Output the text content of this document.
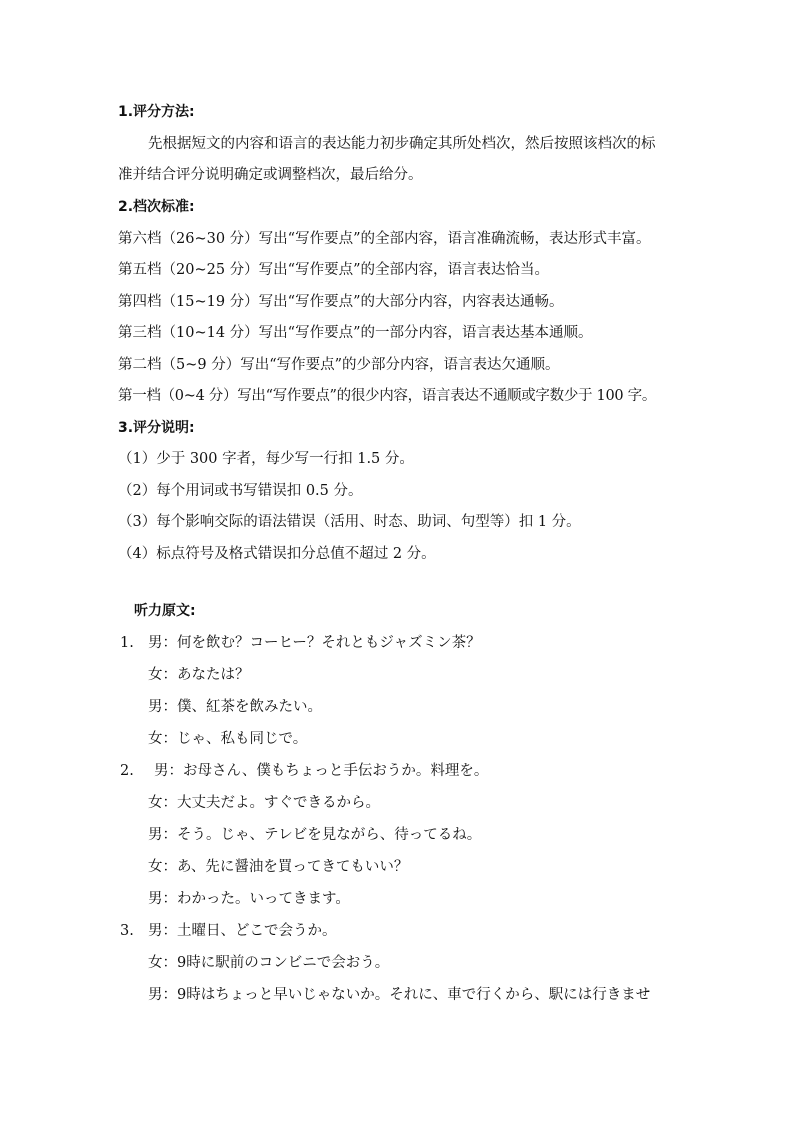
1.评分方法:
先根据短文的内容和语言的表达能力初步确定其所处档次，然后按照该档次的标
准并结合评分说明确定或调整档次，最后给分。
2.档次标准:
第六档（26~30 分）写出“写作要点”的全部内容，语言准确流畅，表达形式丰富。
第五档（20~25 分）写出“写作要点”的全部内容，语言表达恰当。
第四档（15~19 分）写出“写作要点”的大部分内容，内容表达通畅。
第三档（10~14 分）写出“写作要点”的一部分内容，语言表达基本通顺。
第二档（5~9 分）写出“写作要点”的少部分内容，语言表达欠通顺。
第一档（0~4 分）写出“写作要点”的很少内容，语言表达不通顺或字数少于 100 字。
3.评分说明:
（1）少于 300 字者，每少写一行扣 1.5 分。
（2）每个用词或书写错误扣 0.5 分。
（3）每个影响交际的语法错误（活用、时态、助词、句型等）扣 1 分。
（4）标点符号及格式错误扣分总值不超过 2 分。
听力原文:
1. 男：何を飲む？コーヒー？それともジャズミン茶？
女：あなたは？
男：僕、紅茶を飲みたい。
女：じゃ、私も同じで。
2. 男：お母さん、僕もちょっと手伝おうか。料理を。
女：大丈夫だよ。すぐできるから。
男：そう。じゃ、テレビを見ながら、待ってるね。
女：あ、先に醤油を買ってきてもいい？
男：わかった。いってきます。
3. 男：土曜日、どこで会うか。
女：9時に駅前のコンビニで会おう。
男：9時はちょっと早いじゃないか。それに、車で行くから、駅には行きませ
